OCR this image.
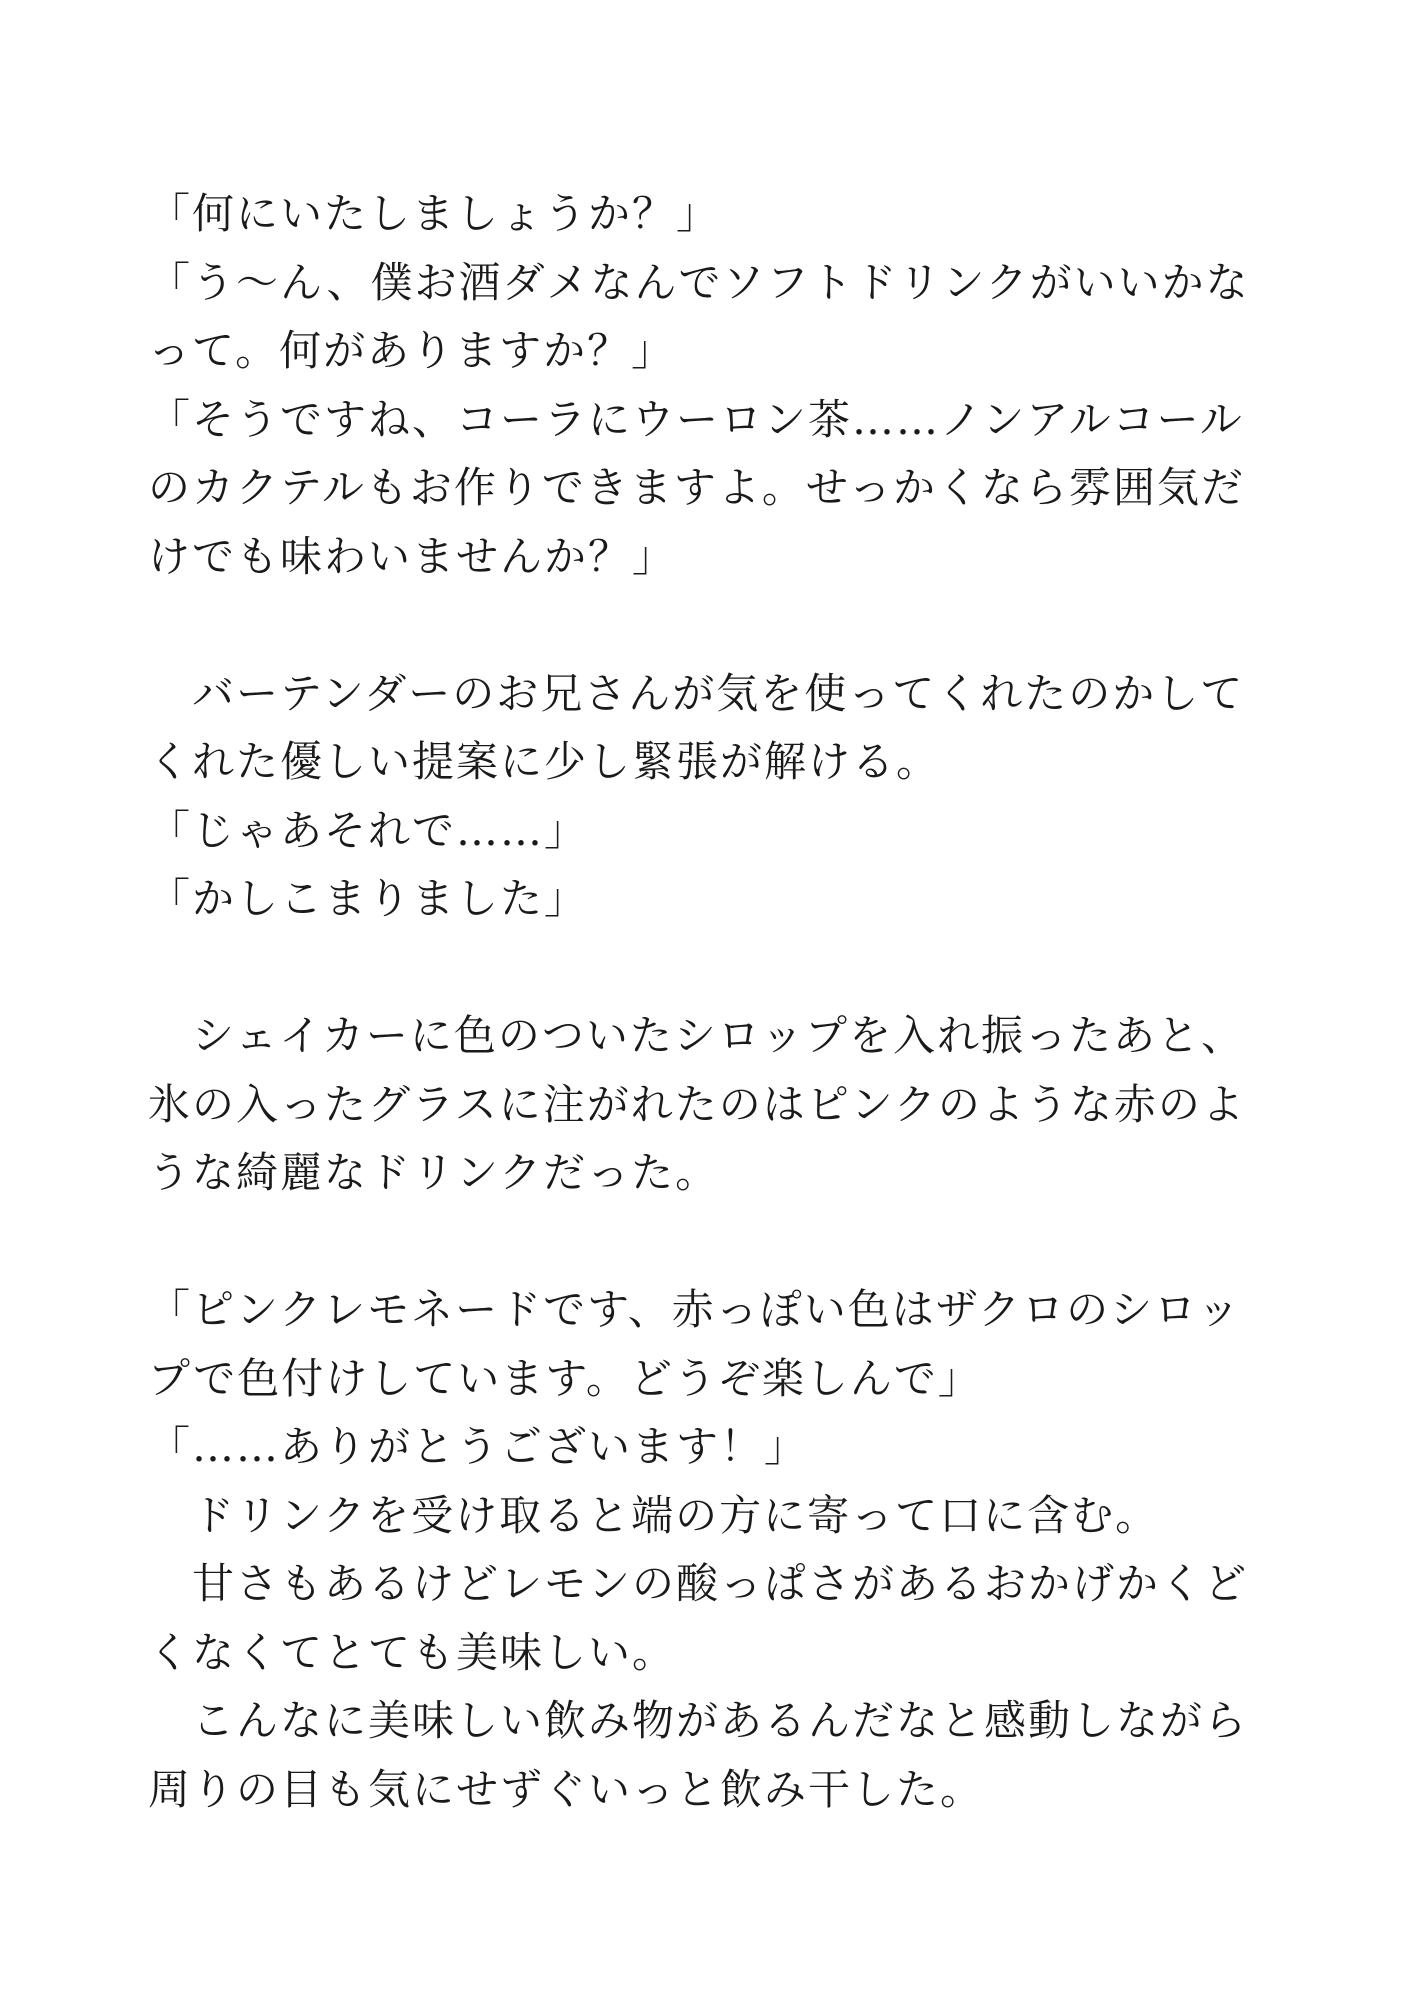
「何にいたしましょうか？」
「う〜ん、僕お酒ダメなんでソフトドリンクがいいかな
って。何がありますか？」
「そうですね、コーラにウーロン茶……ノンアルコール
のカクテルもお作りできますよ。せっかくなら雰囲気だ
けでも味わいませんか？」
　バーテンダーのお兄さんが気を使ってくれたのかして
くれた優しい提案に少し緊張が解ける。
「じゃあそれで……」
「かしこまりました」
　シェイカーに色のついたシロップを入れ振ったあと、
氷の入ったグラスに注がれたのはピンクのような赤のよ
うな綺麗なドリンクだった。
「ピンクレモネードです、赤っぽい色はザクロのシロッ
プで色付けしています。どうぞ楽しんで」
「……ありがとうございます！」
　ドリンクを受け取ると端の方に寄って口に含む。
　甘さもあるけどレモンの酸っぱさがあるおかげかくど
くなくてとても美味しい。
　こんなに美味しい飲み物があるんだなと感動しながら
周りの目も気にせずぐいっと飲み干した。
